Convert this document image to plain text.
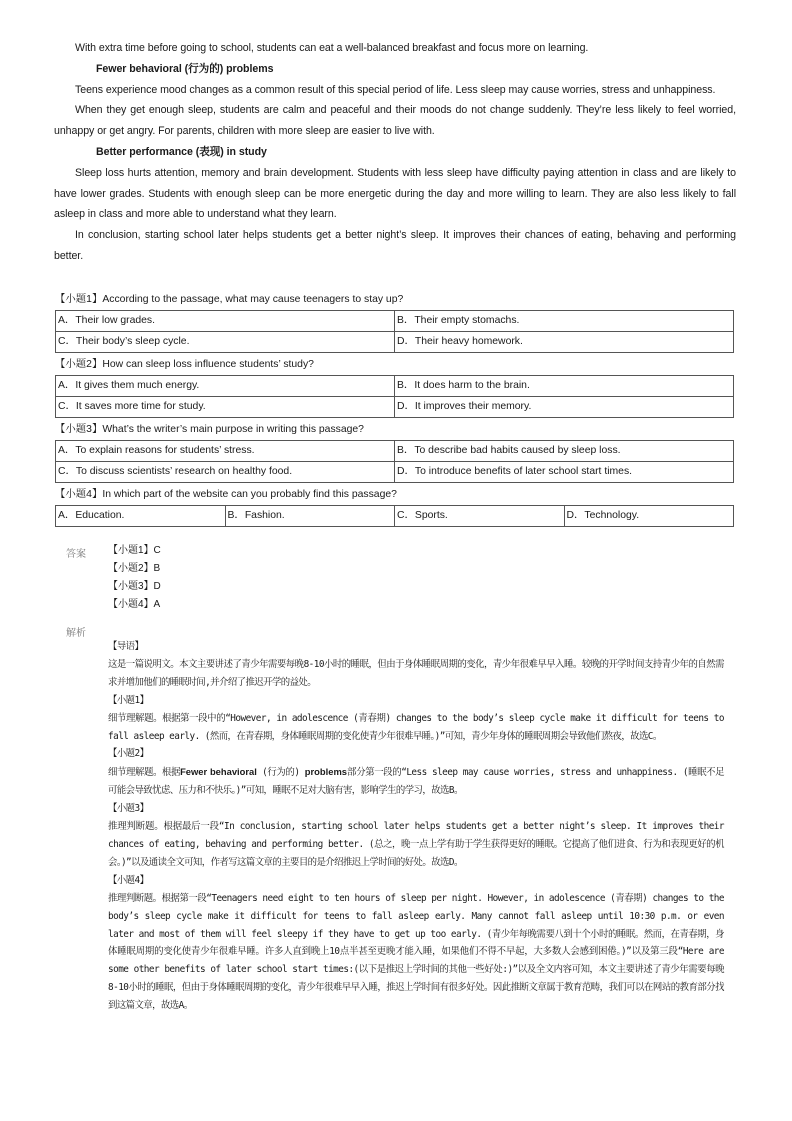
With extra time before going to school, students can eat a well-balanced breakfast and focus more on learning.

Fewer behavioral (行为的) problems

Teens experience mood changes as a common result of this special period of life. Less sleep may cause worries, stress and unhappiness.

When they get enough sleep, students are calm and peaceful and their moods do not change suddenly. They’re less likely to feel worried, unhappy or get angry. For parents, children with more sleep are easier to live with.

Better performance (表现) in study

Sleep loss hurts attention, memory and brain development. Students with less sleep have difficulty paying attention in class and are likely to have lower grades. Students with enough sleep can be more energetic during the day and more willing to learn. They are also less likely to fall asleep in class and more able to understand what they learn.

In conclusion, starting school later helps students get a better night’s sleep. It improves their chances of eating, behaving and performing better.

【小题1】According to the passage, what may cause teenagers to stay up?
A．Their low grades.	B．Their empty stomachs.
C．Their body’s sleep cycle.	D．Their heavy homework.
【小题2】How can sleep loss influence students’ study?
A．It gives them much energy.	B．It does harm to the brain.
C．It saves more time for study.	D．It improves their memory.
【小题3】What’s the writer’s main purpose in writing this passage?
A．To explain reasons for students’ stress.	B．To describe bad habits caused by sleep loss.
C．To discuss scientists’ research on healthy food.	D．To introduce benefits of later school start times.
【小题4】In which part of the website can you probably find this passage?
A．Education.	B．Fashion.	C．Sports.	D．Technology.
答案 【小题1】C
【小题2】B
【小题3】D
【小题4】A
解析

【导语】

这是一篇说明文。本文主要讲述了青少年需要每晚8-10小时的睡眠，但由于身体睡眠周期的变化，青少年很难早早入睡。较晚的开学时间支持青少年的自然需求并增加他们的睡眠时间,并介绍了推迟开学的益处。

【小题1】

细节理解题。根据第一段中的“However, in adolescence (青春期) changes to the body’s sleep cycle make it difficult for teens to fall asleep early. (然而，在青春期，身体睡眠周期的变化使青少年很难早睡。)”可知，青少年身体的睡眠周期会导致他们熬夜，故选C。

【小题2】

细节理解题。根据Fewer behavioral (行为的) problems部分第一段的“Less sleep may cause worries, stress and unhappiness. (睡眠不足可能会导致忧虑、压力和不快乐。)”可知，睡眠不足对大脑有害，影响学生的学习，故选B。

【小题3】

推理判断题。根据最后一段“In conclusion, starting school later helps students get a better night’s sleep. It improves their chances of eating, behaving and performing better. (总之，晚一点上学有助于学生获得更好的睡眠。它提高了他们进食、行为和表现更好的机会。)”以及通读全文可知，作者写这篇文章的主要目的是介绍推迟上学时间的好处。故选D。

【小题4】

推理判断题。根据第一段“Teenagers need eight to ten hours of sleep per night. However, in adolescence (青春期) changes to the body’s sleep cycle make it difficult for teens to fall asleep early. Many cannot fall asleep until 10:30 p.m. or even later and most of them will feel sleepy if they have to get up too early. (青少年每晚需要八到十个小时的睡眠。然而，在青春期，身体睡眠周期的变化使青少年很难早睡。许多人直到晚上10点半甚至更晚才能入睡，如果他们不得不早起，大多数人会感到困倦。)”以及第三段“Here are some other benefits of later school start times:(以下是推迟上学时间的其他一些好处:)”以及全文内容可知，本文主要讲述了青少年需要每晚8-10小时的睡眠，但由于身体睡眠周期的变化，青少年很难早早入睡，推迟上学时间有很多好处。因此推断文章属于教育范畴，我们可以在网站的教育部分找到这篇文章，故选A。
